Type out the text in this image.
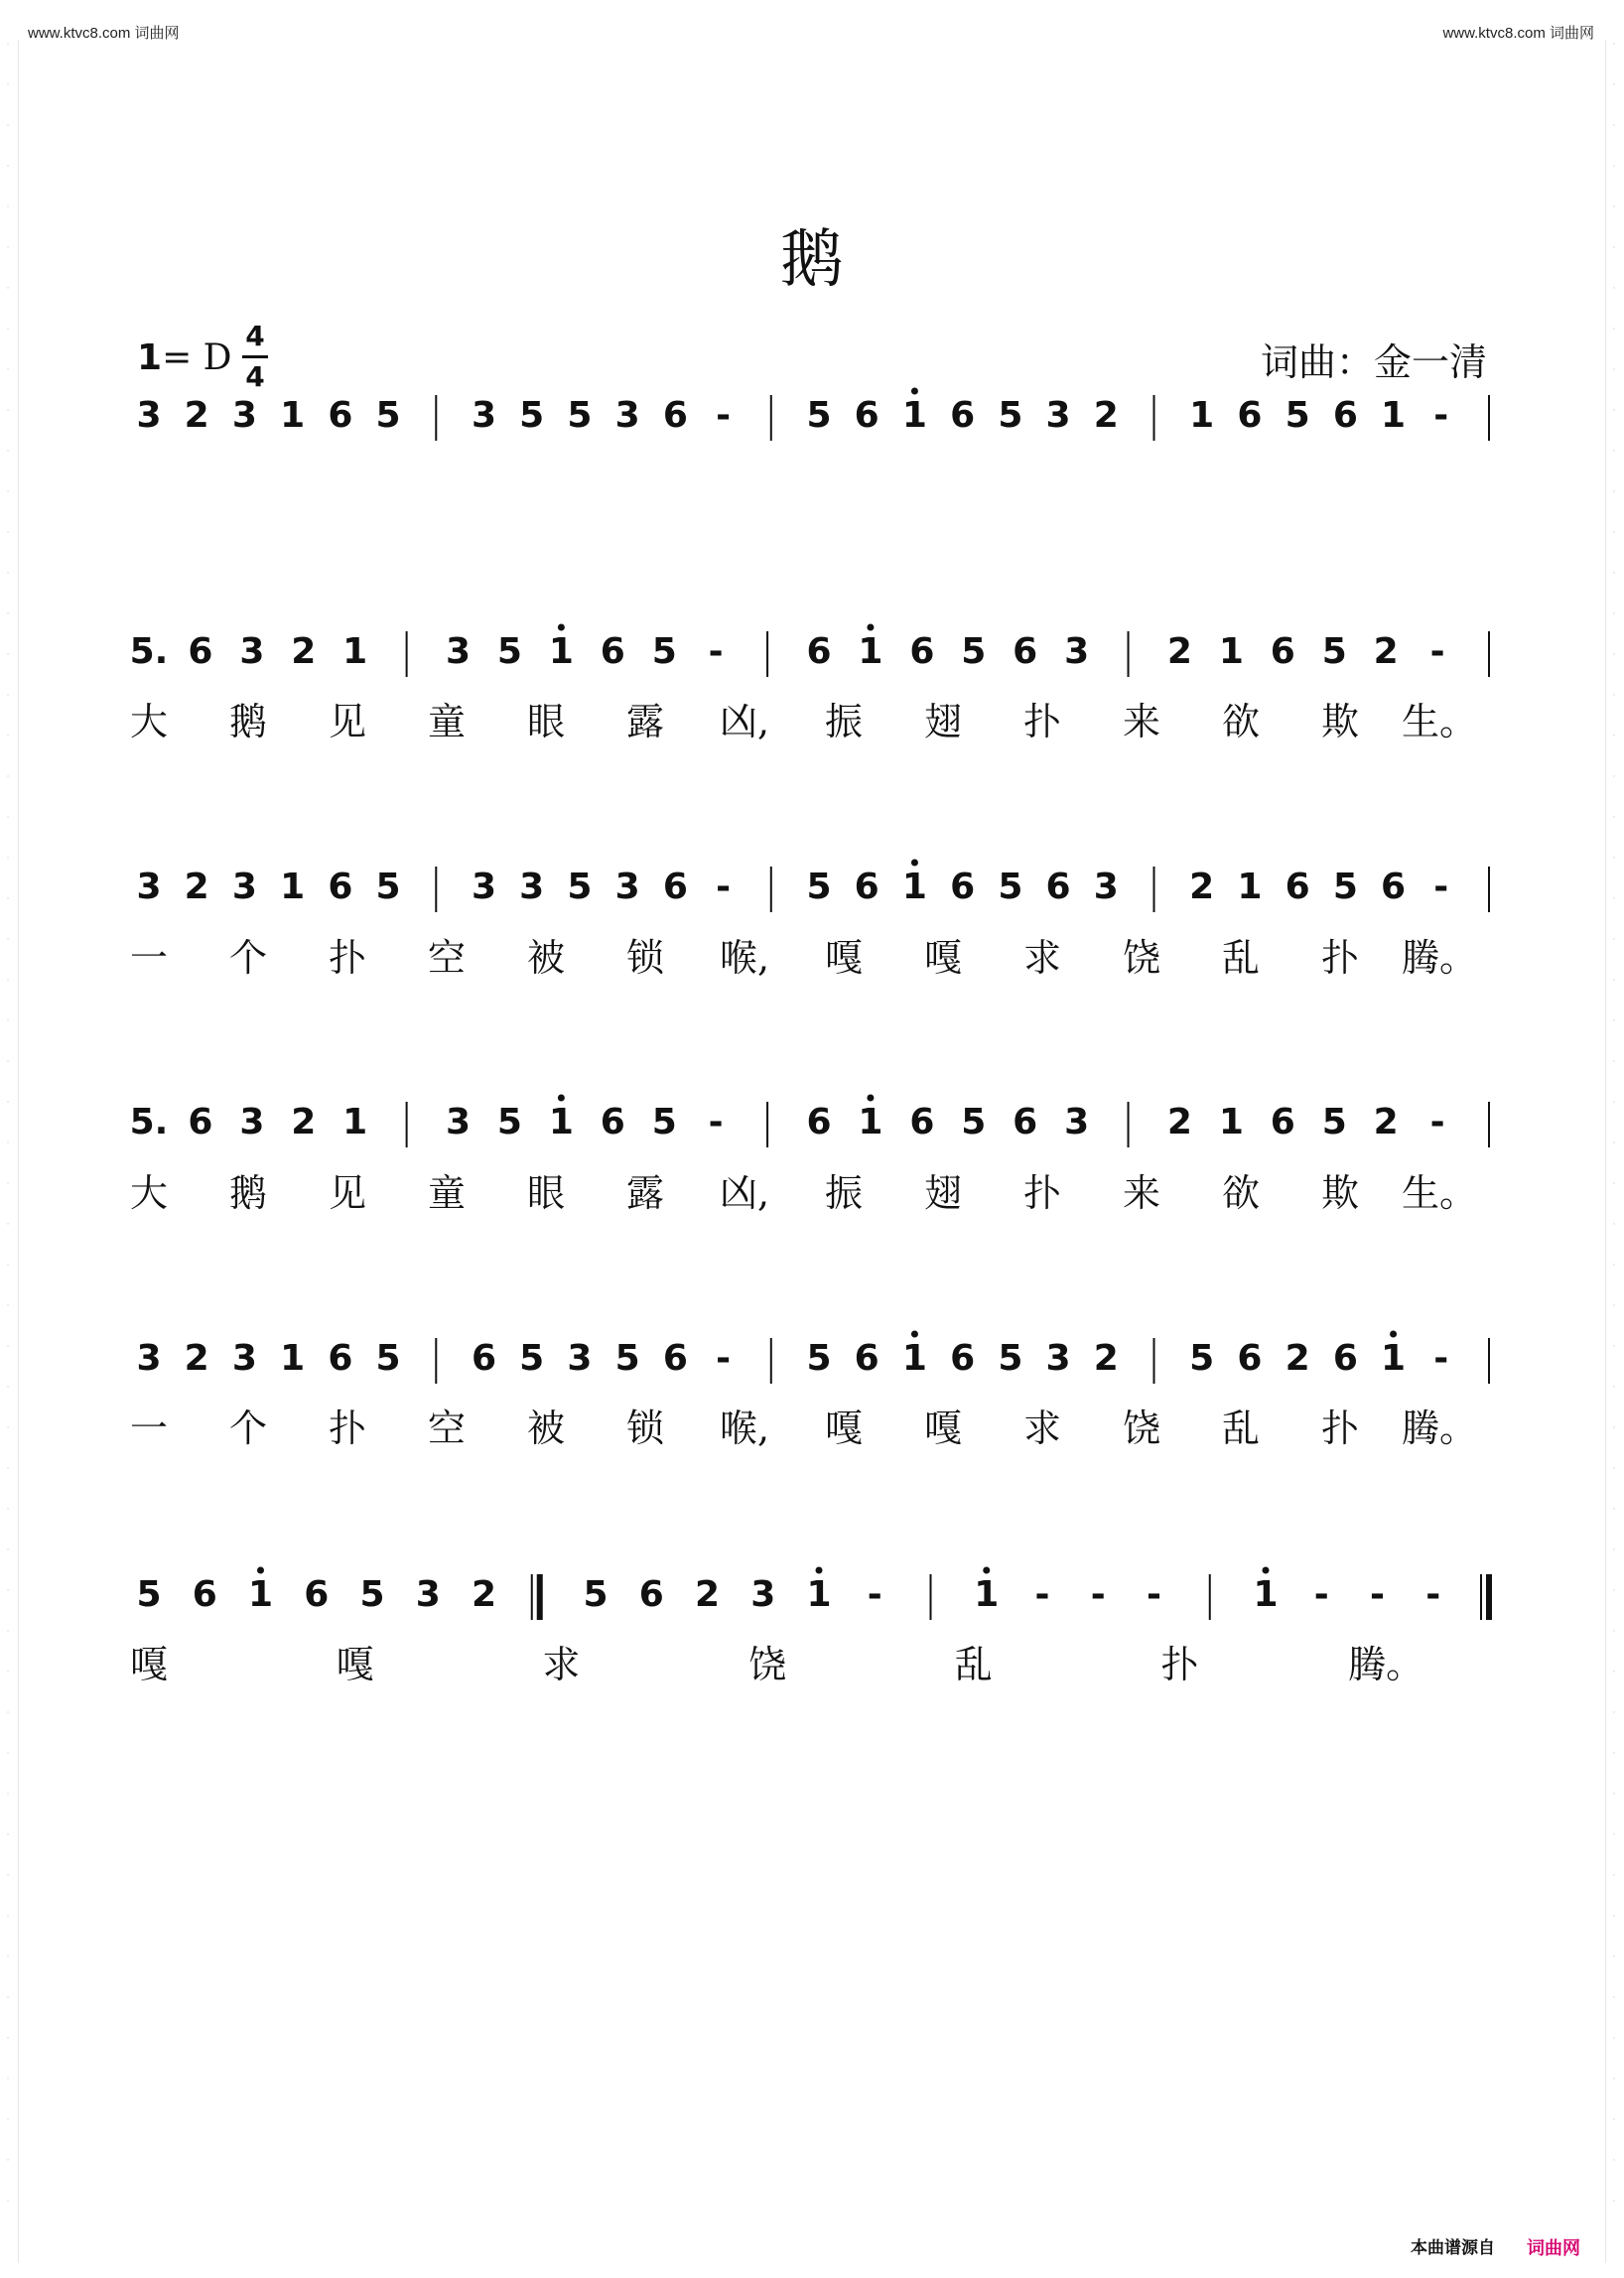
www.ktvc8.com 词曲网	www.ktvc8.com 词曲网
·
·
·
·
·
·
·
·
·
·
·
·
·
·
·
·
·
·
·
·
·
·
·
·
·
·
·
·
·
·
·
·
·
·
·
·
·
·
·
·
·
·
·
·
·
·
·
·
·
·
·
·
·
·
·
·
·
·
·
·
·
·
·
·
·
·
·
·
·
·
·
·
·
·
·
·
·
·
·
·
·
·
·
·
·
·
·
·
·
·
·
·
·
·
·
·
·
·
·
·
·
·
·
·
·
·
·
·
鹅
1= D
4
4	词曲：金一清
3 2 3 1 6 5 3 5 5 3 6 - 5 6 1 6 5 3 2 1 6 5 6 1 -
5. 6 3 2 1 3 5 1 6 5 - 6 1 6 5 6 3 2 1 6 5 2 -
大 鹅 见 童 眼 露 凶, 振 翅 扑 来 欲 欺 生。
3 2 3 1 6 5 3 3 5 3 6 - 5 6 1 6 5 6 3 2 1 6 5 6 -
一 个 扑 空 被 锁 喉, 嘎 嘎 求 饶 乱 扑 腾。
5. 6 3 2 1 3 5 1 6 5 - 6 1 6 5 6 3 2 1 6 5 2 -
大 鹅 见 童 眼 露 凶, 振 翅 扑 来 欲 欺 生。
3 2 3 1 6 5 6 5 3 5 6 - 5 6 1 6 5 3 2 5 6 2 6 1 -
一 个 扑 空 被 锁 喉, 嘎 嘎 求 饶 乱 扑 腾。
5 6 1 6 5 3 2 5 6 2 3 1 -	1 - - -	1 - - -
嘎	嘎	求	饶	乱	扑	腾。
本曲谱源自 词曲网
